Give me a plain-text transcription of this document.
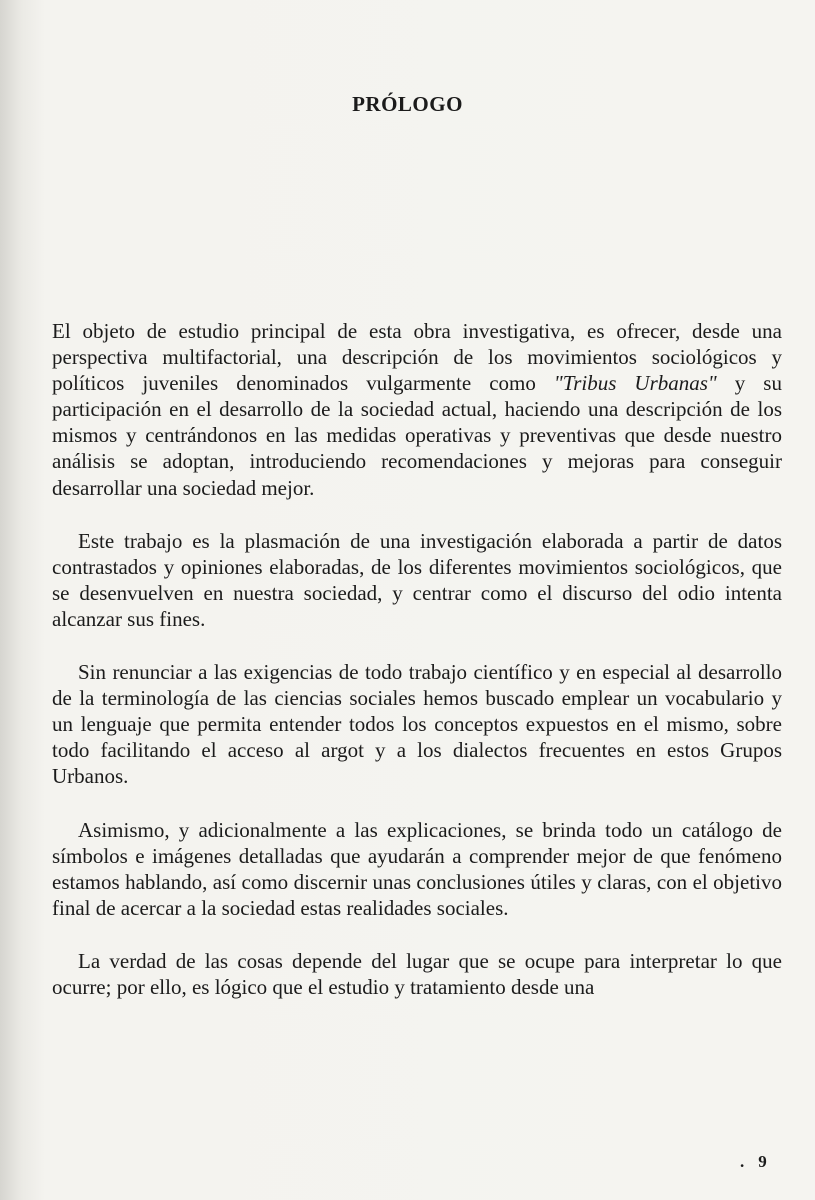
PRÓLOGO

El objeto de estudio principal de esta obra investigativa, es ofrecer, desde una perspectiva multifactorial, una descripción de los movimientos sociológicos y políticos juveniles denominados vulgarmente como "Tribus Urbanas" y su participación en el desarrollo de la sociedad actual, haciendo una descripción de los mismos y centrándonos en las medidas operativas y preventivas que desde nuestro análisis se adoptan, introduciendo recomendaciones y mejoras para conseguir desarrollar una sociedad mejor.

Este trabajo es la plasmación de una investigación elaborada a partir de datos contrastados y opiniones elaboradas, de los diferentes movimientos sociológicos, que se desenvuelven en nuestra sociedad, y centrar como el discurso del odio intenta alcanzar sus fines.

Sin renunciar a las exigencias de todo trabajo científico y en especial al desarrollo de la terminología de las ciencias sociales hemos buscado emplear un vocabulario y un lenguaje que permita entender todos los conceptos expuestos en el mismo, sobre todo facilitando el acceso al argot y a los dialectos frecuentes en estos Grupos Urbanos.

Asimismo, y adicionalmente a las explicaciones, se brinda todo un catálogo de símbolos e imágenes detalladas que ayudarán a comprender mejor de que fenómeno estamos hablando, así como discernir unas conclusiones útiles y claras, con el objetivo final de acercar a la sociedad estas realidades sociales.

La verdad de las cosas depende del lugar que se ocupe para interpretar lo que ocurre; por ello, es lógico que el estudio y tratamiento desde una

. 9
